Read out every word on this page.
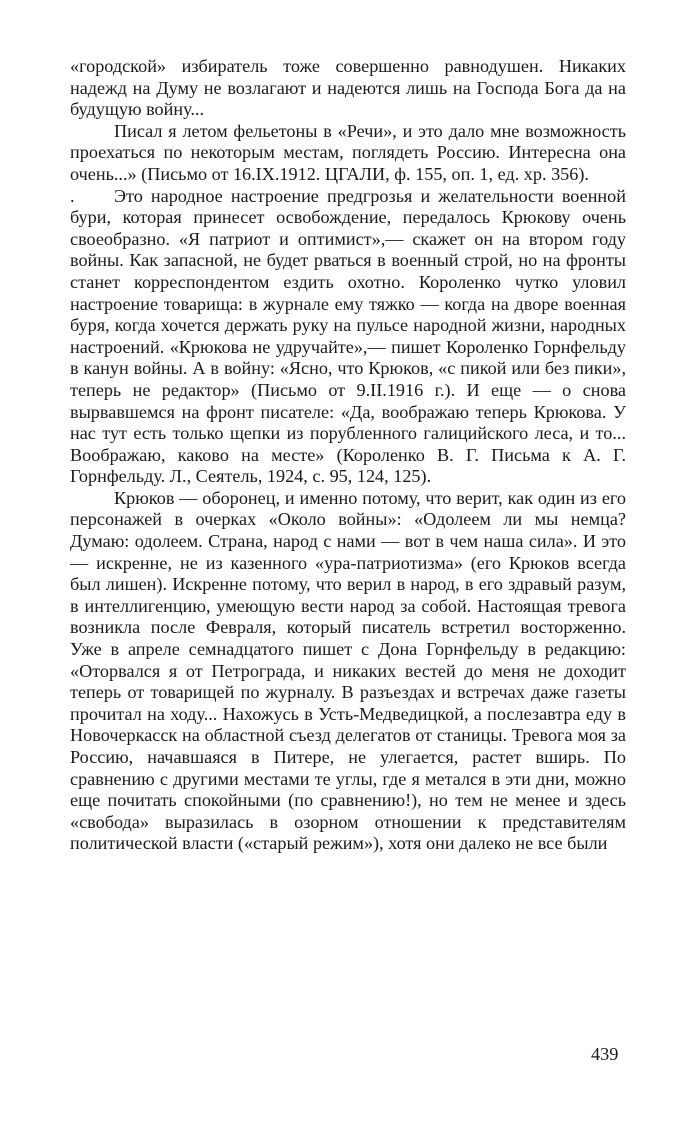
«городской» избиратель тоже совершенно равнодушен. Никаких надежд на Думу не возлагают и надеются лишь на Господа Бога да на будущую войну...

Писал я летом фельетоны в «Речи», и это дало мне возможность проехаться по некоторым местам, поглядеть Россию. Интересна она очень...» (Письмо от 16.IX.1912. ЦГАЛИ, ф. 155, оп. 1, ед. хр. 356).

. Это народное настроение предгрозья и желательности военной бури, которая принесет освобождение, передалось Крюкову очень своеобразно. «Я патриот и оптимист»,— скажет он на втором году войны. Как запасной, не будет рваться в военный строй, но на фронты станет корреспондентом ездить охотно. Короленко чутко уловил настроение товарища: в журнале ему тяжко — когда на дворе военная буря, когда хочется держать руку на пульсе народной жизни, народных настроений. «Крюкова не удручайте»,— пишет Короленко Горнфельду в канун войны. А в войну: «Ясно, что Крюков, «с пикой или без пики», теперь не редактор» (Письмо от 9.II.1916 г.). И еще — о снова вырвавшемся на фронт писателе: «Да, воображаю теперь Крюкова. У нас тут есть только щепки из порубленного галицийского леса, и то... Воображаю, каково на месте» (Короленко В. Г. Письма к А. Г. Горнфельду. Л., Сеятель, 1924, с. 95, 124, 125).

Крюков — оборонец, и именно потому, что верит, как один из его персонажей в очерках «Около войны»: «Одолеем ли мы немца? Думаю: одолеем. Страна, народ с нами — вот в чем наша сила». И это — искренне, не из казенного «ура-патриотизма» (его Крюков всегда был лишен). Искренне потому, что верил в народ, в его здравый разум, в интеллигенцию, умеющую вести народ за собой. Настоящая тревога возникла после Февраля, который писатель встретил восторженно. Уже в апреле семнадцатого пишет с Дона Горнфельду в редакцию: «Оторвался я от Петрограда, и никаких вестей до меня не доходит теперь от товарищей по журналу. В разъездах и встречах даже газеты прочитал на ходу... Нахожусь в Усть-Медведицкой, а послезавтра еду в Новочеркасск на областной съезд делегатов от станицы. Тревога моя за Россию, начавшаяся в Питере, не улегается, растет вширь. По сравнению с другими местами те углы, где я метался в эти дни, можно еще почитать спокойными (по сравнению!), но тем не менее и здесь «свобода» выразилась в озорном отношении к представителям политической власти («старый режим»), хотя они далеко не все были

439
